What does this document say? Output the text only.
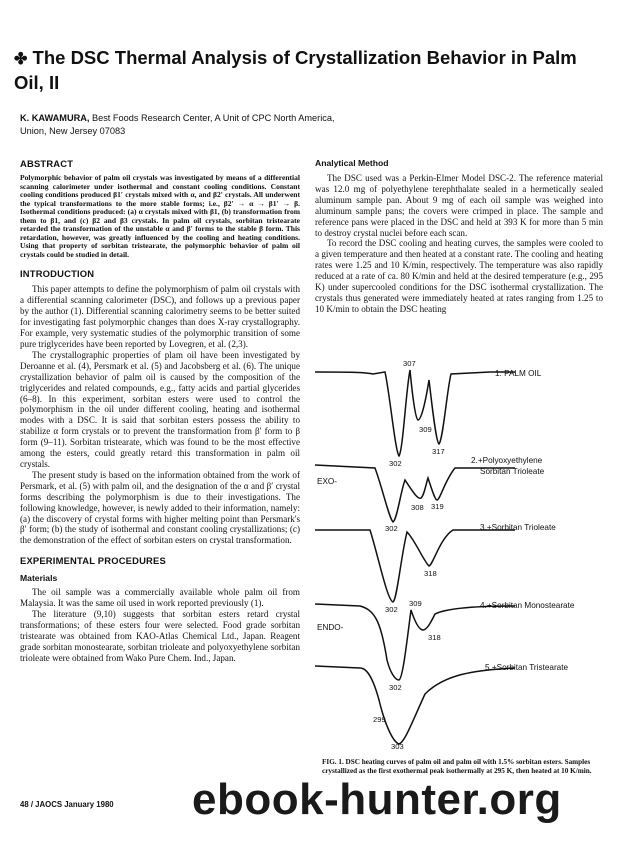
✤ The DSC Thermal Analysis of Crystallization Behavior in Palm Oil, II
K. KAWAMURA, Best Foods Research Center, A Unit of CPC North America,
Union, New Jersey 07083

ABSTRACT

Polymorphic behavior of palm oil crystals was investigated by means of a differential scanning calorimeter under isothermal and constant cooling conditions. Constant cooling conditions produced β1′ crystals mixed with α, and β2′ crystals. All underwent the typical transformations to the more stable forms; i.e., β2′ → α → β1′ → β. Isothermal conditions produced: (a) α crystals mixed with β1, (b) transformation from them to β1, and (c) β2 and β3 crystals. In palm oil crystals, sorbitan tristearate retarded the transformation of the unstable α and β′ forms to the stable β form. This retardation, however, was greatly influenced by the cooling and heating conditions. Using that property of sorbitan tristearate, the polymorphic behavior of palm oil crystals could be studied in detail.

INTRODUCTION

This paper attempts to define the polymorphism of palm oil crystals with a differential scanning calorimeter (DSC), and follows up a previous paper by the author (1). Differential scanning calorimetry seems to be better suited for investigating fast polymorphic changes than does X-ray crystallography. For example, very systematic studies of the polymorphic transition of some pure triglycerides have been reported by Lovegren, et al. (2,3).

The crystallographic properties of plam oil have been investigated by Deroanne et al. (4), Persmark et al. (5) and Jacobsberg et al. (6). The unique crystallization behavior of palm oil is caused by the composition of the triglycerides and related compounds, e.g., fatty acids and partial glycerides (6–8). In this experiment, sorbitan esters were used to control the polymorphism in the oil under different cooling, heating and isothermal modes with a DSC. It is said that sorbitan esters possess the ability to stabilize α form crystals or to prevent the transformation from β′ form to β form (9–11). Sorbitan tristearate, which was found to be the most effective among the esters, could greatly retard this transformation in palm oil crystals.

The present study is based on the information obtained from the work of Persmark, et al. (5) with palm oil, and the designation of the α and β′ crystal forms describing the polymorphism is due to their investigations. The following knowledge, however, is newly added to their information, namely: (a) the discovery of crystal forms with higher melting point than Persmark's β′ form; (b) the study of isothermal and constant cooling crystallizations; (c) the demonstration of the effect of sorbitan esters on crystal transformation.

EXPERIMENTAL PROCEDURES

Materials

The oil sample was a commercially available whole palm oil from Malaysia. It was the same oil used in work reported previously (1).

The literature (9,10) suggests that sorbitan esters retard crystal transformations; of these esters four were selected. Food grade sorbitan tristearate was obtained from KAO-Atlas Chemical Ltd., Japan. Reagent grade sorbitan monostearate, sorbitan trioleate and polyoxyethylene sorbitan trioleate were obtained from Wako Pure Chem. Ind., Japan.

Analytical Method

The DSC used was a Perkin-Elmer Model DSC-2. The reference material was 12.0 mg of polyethylene terephthalate sealed in a hermetically sealed aluminum sample pan. About 9 mg of each oil sample was weighed into aluminum sample pans; the covers were crimped in place. The sample and reference pans were placed in the DSC and held at 393 K for more than 5 min to destroy crystal nuclei before each scan.

To record the DSC cooling and heating curves, the samples were cooled to a given temperature and then heated at a constant rate. The cooling and heating rates were 1.25 and 10 K/min, respectively. The temperature was also rapidly reduced at a rate of ca. 80 K/min and held at the desired temperature (e.g., 295 K) under supercooled conditions for the DSC isothermal crystallization. The crystals thus generated were immediately heated at rates ranging from 1.25 to 10 K/min to obtain the DSC heating

1. PALM OIL
2.+Polyoxyethylene
Sorbitan Trioleate
3.+Sorbitan Trioleate
4.+Sorbitan Monostearate
5.+Sorbitan Tristearate
EXO-
ENDO-
307
302
309
317
302
308 319
302
318
309
318
302
299
303

FIG. 1. DSC heating curves of palm oil and palm oil with 1.5% sorbitan esters. Samples crystallized as the first exothermal peak isothermally at 295 K, then heated at 10 K/min.

48 / JAOCS January 1980 ebook-hunter.org
